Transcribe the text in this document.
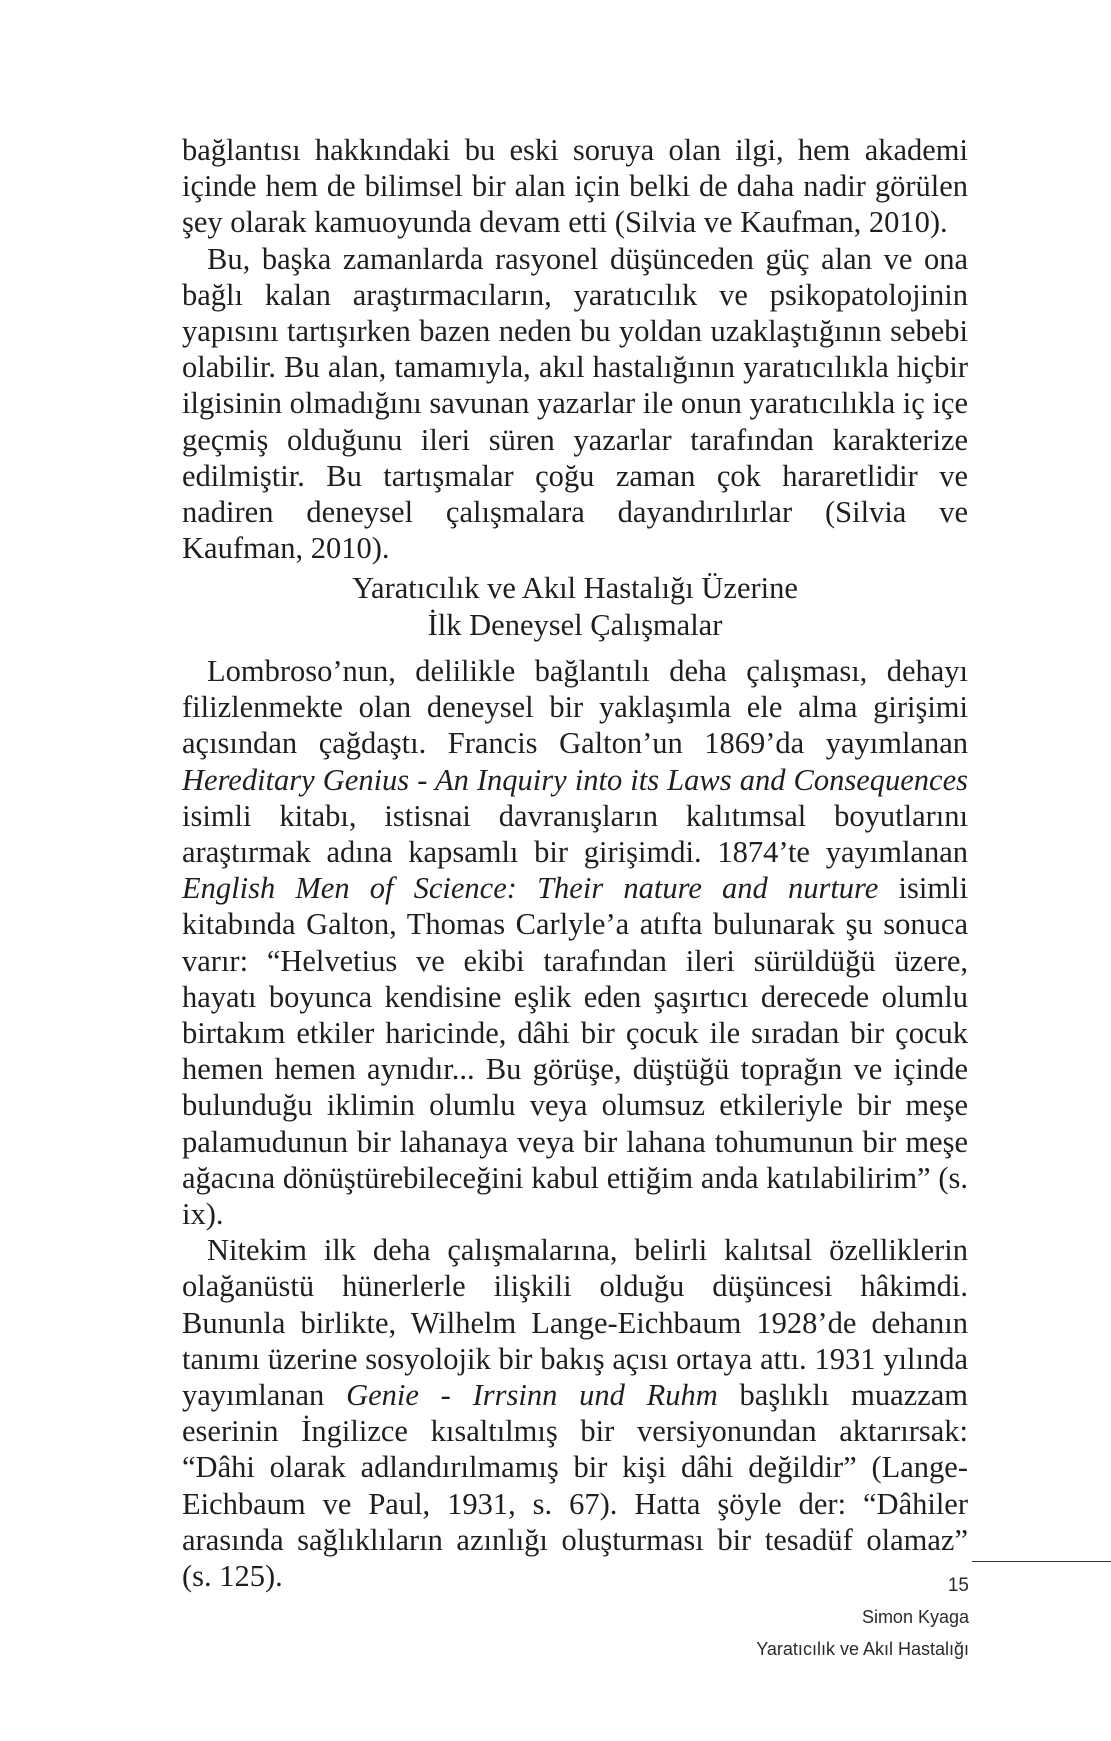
bağlantısı hakkındaki bu eski soruya olan ilgi, hem akademi içinde hem de bilimsel bir alan için belki de daha nadir görülen şey olarak kamuoyunda devam etti (Silvia ve Kaufman, 2010).

Bu, başka zamanlarda rasyonel düşünceden güç alan ve ona bağlı kalan araştırmacıların, yaratıcılık ve psikopatolojinin yapısını tartışırken bazen neden bu yoldan uzaklaştığının sebebi olabilir. Bu alan, tamamıyla, akıl hastalığının yaratıcılıkla hiçbir ilgisinin olmadığını savunan yazarlar ile onun yaratıcılıkla iç içe geçmiş olduğunu ileri süren yazarlar tarafından karakterize edilmiştir. Bu tartışmalar çoğu zaman çok hararetlidir ve nadiren deneysel çalışmalara dayandırılırlar (Silvia ve Kaufman, 2010).

Yaratıcılık ve Akıl Hastalığı Üzerine
İlk Deneysel Çalışmalar

Lombroso’nun, delilikle bağlantılı deha çalışması, dehayı filizlenmekte olan deneysel bir yaklaşımla ele alma girişimi açısından çağdaştı. Francis Galton’un 1869’da yayımlanan Hereditary Genius - An Inquiry into its Laws and Consequences isimli kitabı, istisnai davranışların kalıtımsal boyutlarını araştırmak adına kapsamlı bir girişimdi. 1874’te yayımlanan English Men of Science: Their nature and nurture isimli kitabında Galton, Thomas Carlyle’a atıfta bulunarak şu sonuca varır: “Helvetius ve ekibi tarafından ileri sürüldüğü üzere, hayatı boyunca kendisine eşlik eden şaşırtıcı derecede olumlu birtakım etkiler haricinde, dâhi bir çocuk ile sıradan bir çocuk hemen hemen aynıdır... Bu görüşe, düştüğü toprağın ve içinde bulunduğu iklimin olumlu veya olumsuz etkileriyle bir meşe palamudunun bir lahanaya veya bir lahana tohumunun bir meşe ağacına dönüştürebileceğini kabul ettiğim anda katılabilirim” (s. ix).

Nitekim ilk deha çalışmalarına, belirli kalıtsal özelliklerin olağanüstü hünerlerle ilişkili olduğu düşüncesi hâkimdi. Bununla birlikte, Wilhelm Lange-Eichbaum 1928’de dehanın tanımı üzerine sosyolojik bir bakış açısı ortaya attı. 1931 yılında yayımlanan Genie - Irrsinn und Ruhm başlıklı muazzam eserinin İngilizce kısaltılmış bir versiyonundan aktarırsak: “Dâhi olarak adlandırılmamış bir kişi dâhi değildir” (Lange-Eichbaum ve Paul, 1931, s. 67). Hatta şöyle der: “Dâhiler arasında sağlıklıların azınlığı oluşturması bir tesadüf olamaz” (s. 125).	15
Simon Kyaga
Yaratıcılık ve Akıl Hastalığı
